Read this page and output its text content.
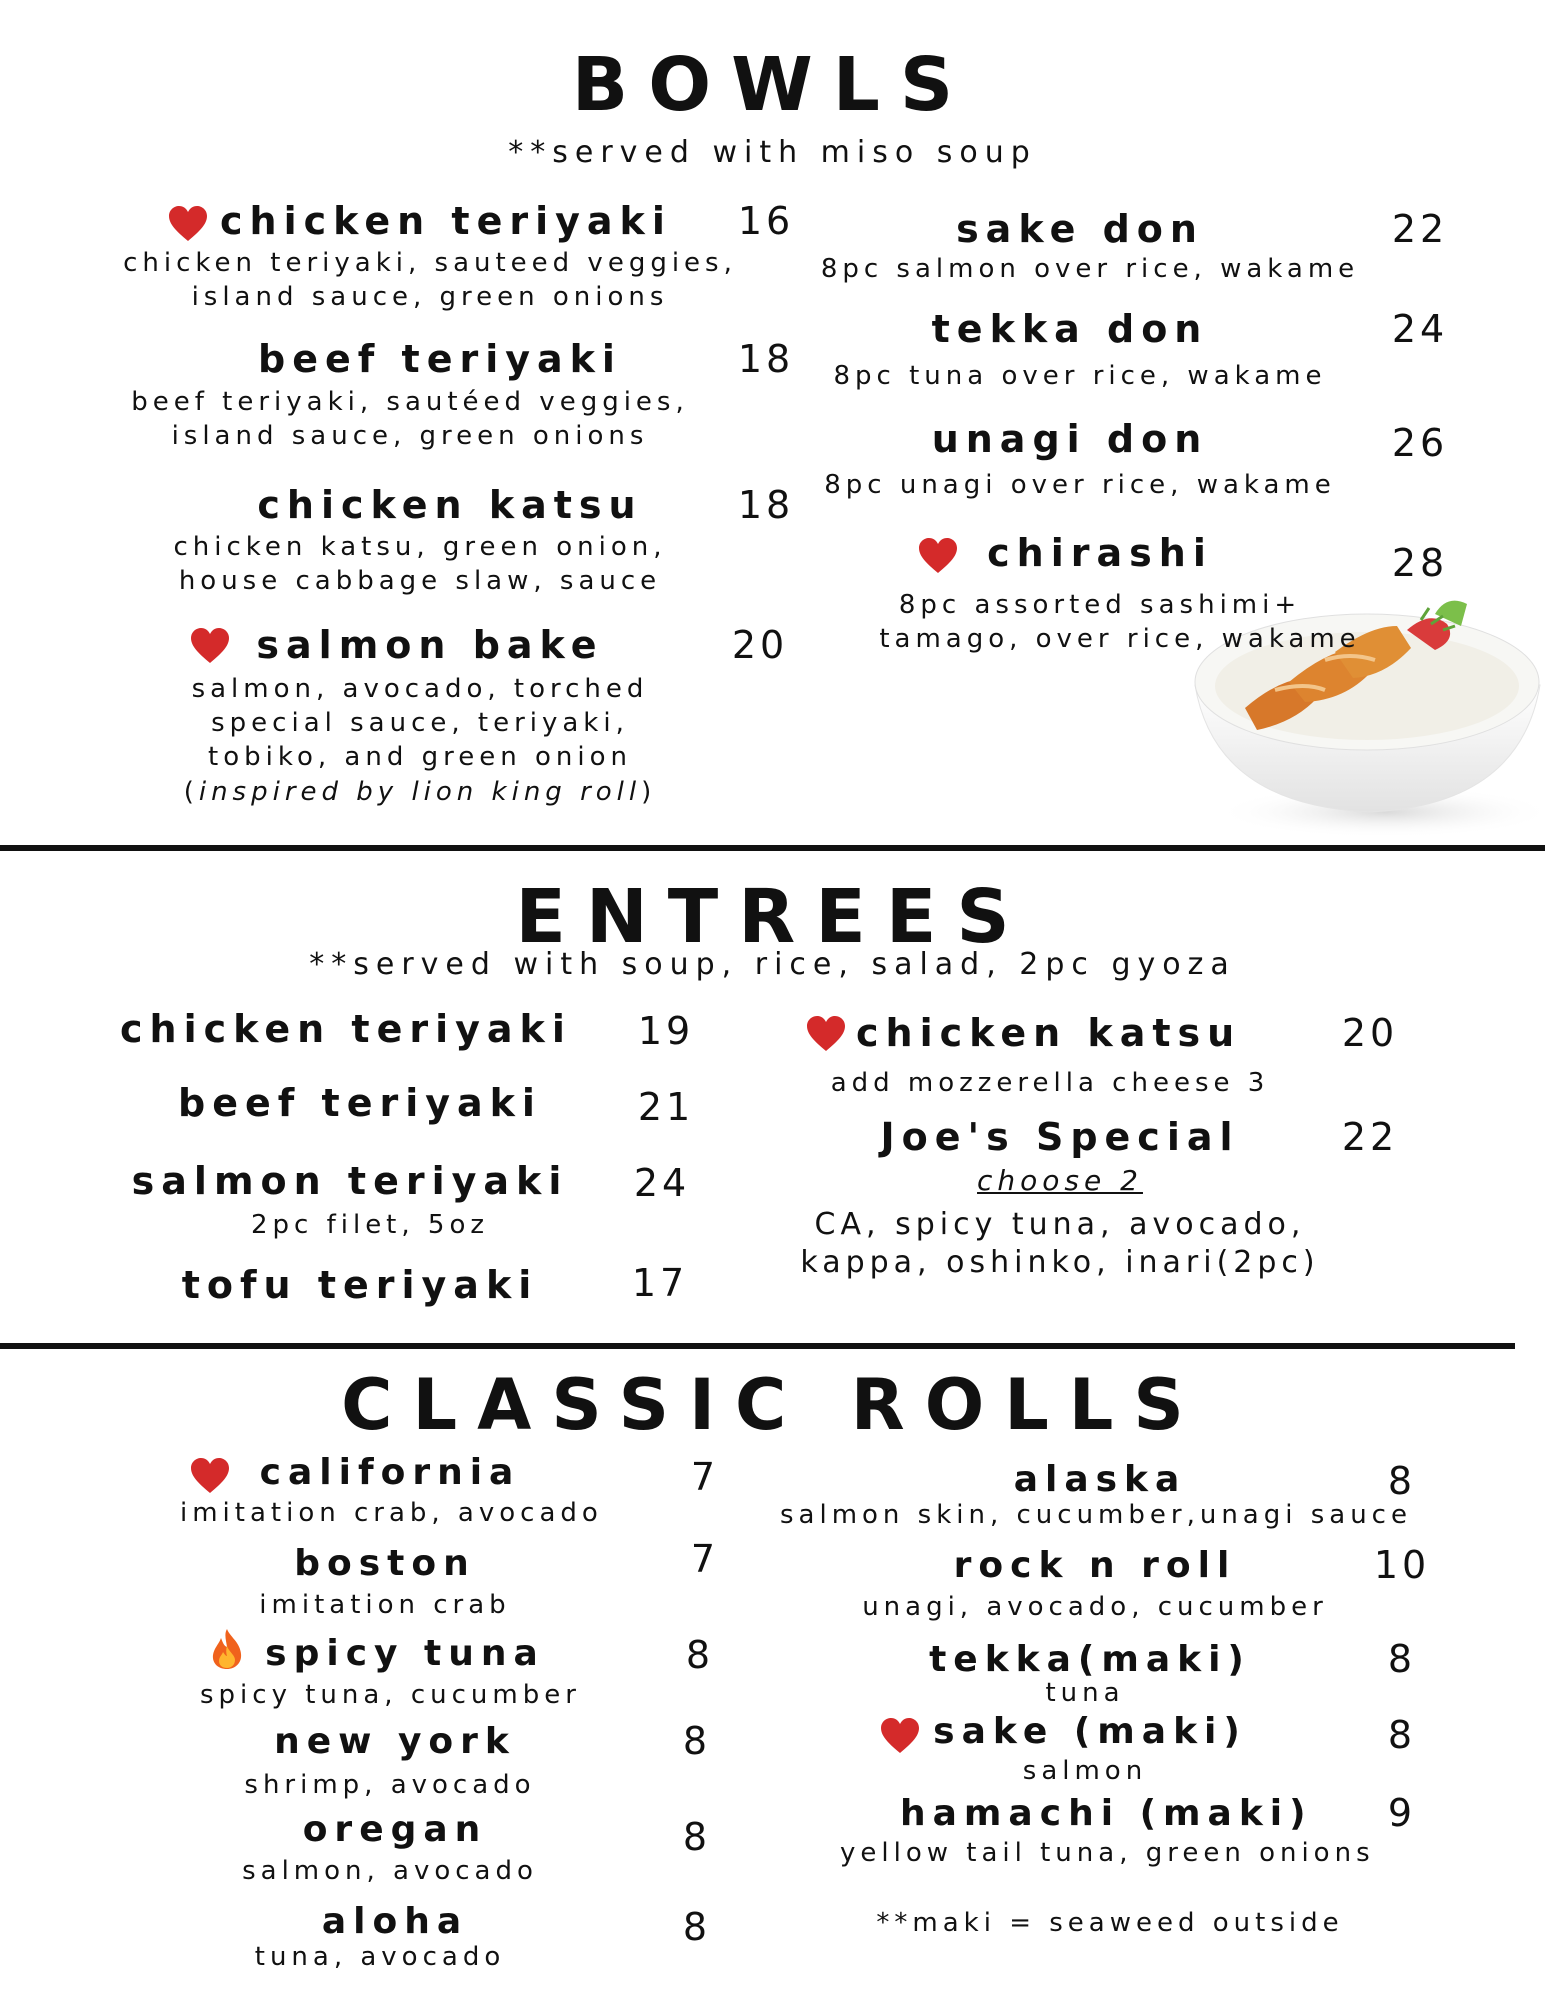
BOWLS
**served with miso soup
chicken teriyaki	16
chicken teriyaki, sauteed veggies,
island sauce, green onions
beef teriyaki	18
beef teriyaki, sautéed veggies,
island sauce, green onions
chicken katsu	18
chicken katsu, green onion,
house cabbage slaw, sauce
salmon bake	20
salmon, avocado, torched
special sauce, teriyaki,
tobiko, and green onion
(inspired by lion king roll)
sake don	22
8pc salmon over rice, wakame
tekka don	24
8pc tuna over rice, wakame
unagi don	26
8pc unagi over rice, wakame
chirashi	28
8pc assorted sashimi+
tamago, over rice, wakame
ENTREES
**served with soup, rice, salad, 2pc gyoza
chicken teriyaki	19
beef teriyaki	21
salmon teriyaki	24
2pc filet, 5oz
tofu teriyaki	17
chicken katsu	20
add mozzerella cheese 3
Joe's Special	22
choose 2
CA, spicy tuna, avocado,
kappa, oshinko, inari(2pc)
CLASSIC ROLLS
california	7
imitation crab, avocado
boston	7
imitation crab
spicy tuna	8
spicy tuna, cucumber
new york	8
shrimp, avocado
oregan	8
salmon, avocado
aloha	8
tuna, avocado
alaska	8
salmon skin, cucumber,unagi sauce
rock n roll	10
unagi, avocado, cucumber
tekka(maki)	8
tuna
sake (maki)	8
salmon
hamachi (maki)	9
yellow tail tuna, green onions
**maki = seaweed outside
